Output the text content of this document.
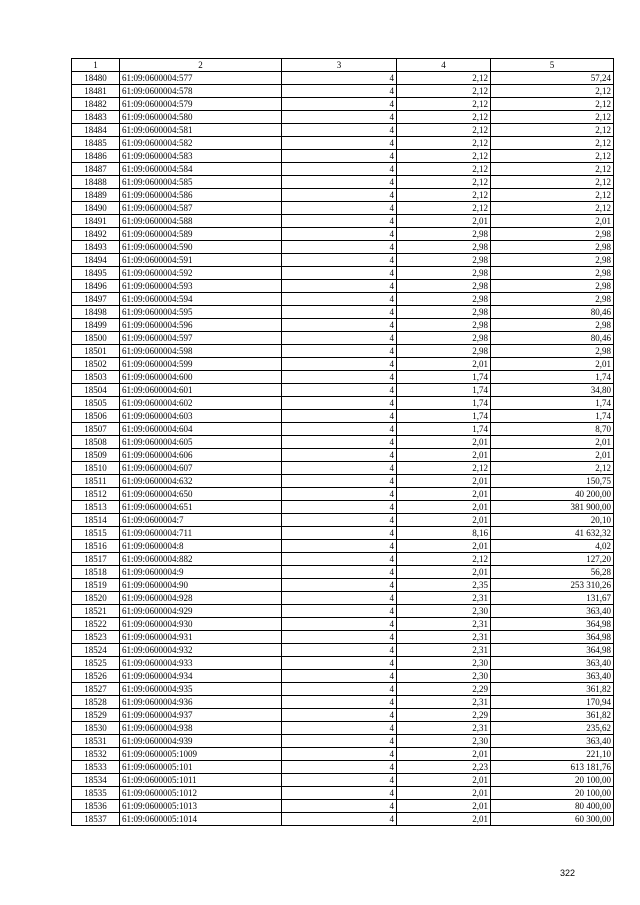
1	2	3	4	5
18480	61:09:0600004:577	4	2,12	57,24
18481	61:09:0600004:578	4	2,12	2,12
18482	61:09:0600004:579	4	2,12	2,12
18483	61:09:0600004:580	4	2,12	2,12
18484	61:09:0600004:581	4	2,12	2,12
18485	61:09:0600004:582	4	2,12	2,12
18486	61:09:0600004:583	4	2,12	2,12
18487	61:09:0600004:584	4	2,12	2,12
18488	61:09:0600004:585	4	2,12	2,12
18489	61:09:0600004:586	4	2,12	2,12
18490	61:09:0600004:587	4	2,12	2,12
18491	61:09:0600004:588	4	2,01	2,01
18492	61:09:0600004:589	4	2,98	2,98
18493	61:09:0600004:590	4	2,98	2,98
18494	61:09:0600004:591	4	2,98	2,98
18495	61:09:0600004:592	4	2,98	2,98
18496	61:09:0600004:593	4	2,98	2,98
18497	61:09:0600004:594	4	2,98	2,98
18498	61:09:0600004:595	4	2,98	80,46
18499	61:09:0600004:596	4	2,98	2,98
18500	61:09:0600004:597	4	2,98	80,46
18501	61:09:0600004:598	4	2,98	2,98
18502	61:09:0600004:599	4	2,01	2,01
18503	61:09:0600004:600	4	1,74	1,74
18504	61:09:0600004:601	4	1,74	34,80
18505	61:09:0600004:602	4	1,74	1,74
18506	61:09:0600004:603	4	1,74	1,74
18507	61:09:0600004:604	4	1,74	8,70
18508	61:09:0600004:605	4	2,01	2,01
18509	61:09:0600004:606	4	2,01	2,01
18510	61:09:0600004:607	4	2,12	2,12
18511	61:09:0600004:632	4	2,01	150,75
18512	61:09:0600004:650	4	2,01	40 200,00
18513	61:09:0600004:651	4	2,01	381 900,00
18514	61:09:0600004:7	4	2,01	20,10
18515	61:09:0600004:711	4	8,16	41 632,32
18516	61:09:0600004:8	4	2,01	4,02
18517	61:09:0600004:882	4	2,12	127,20
18518	61:09:0600004:9	4	2,01	56,28
18519	61:09:0600004:90	4	2,35	253 310,26
18520	61:09:0600004:928	4	2,31	131,67
18521	61:09:0600004:929	4	2,30	363,40
18522	61:09:0600004:930	4	2,31	364,98
18523	61:09:0600004:931	4	2,31	364,98
18524	61:09:0600004:932	4	2,31	364,98
18525	61:09:0600004:933	4	2,30	363,40
18526	61:09:0600004:934	4	2,30	363,40
18527	61:09:0600004:935	4	2,29	361,82
18528	61:09:0600004:936	4	2,31	170,94
18529	61:09:0600004:937	4	2,29	361,82
18530	61:09:0600004:938	4	2,31	235,62
18531	61:09:0600004:939	4	2,30	363,40
18532	61:09:0600005:1009	4	2,01	221,10
18533	61:09:0600005:101	4	2,23	613 181,76
18534	61:09:0600005:1011	4	2,01	20 100,00
18535	61:09:0600005:1012	4	2,01	20 100,00
18536	61:09:0600005:1013	4	2,01	80 400,00
18537	61:09:0600005:1014	4	2,01	60 300,00
322
